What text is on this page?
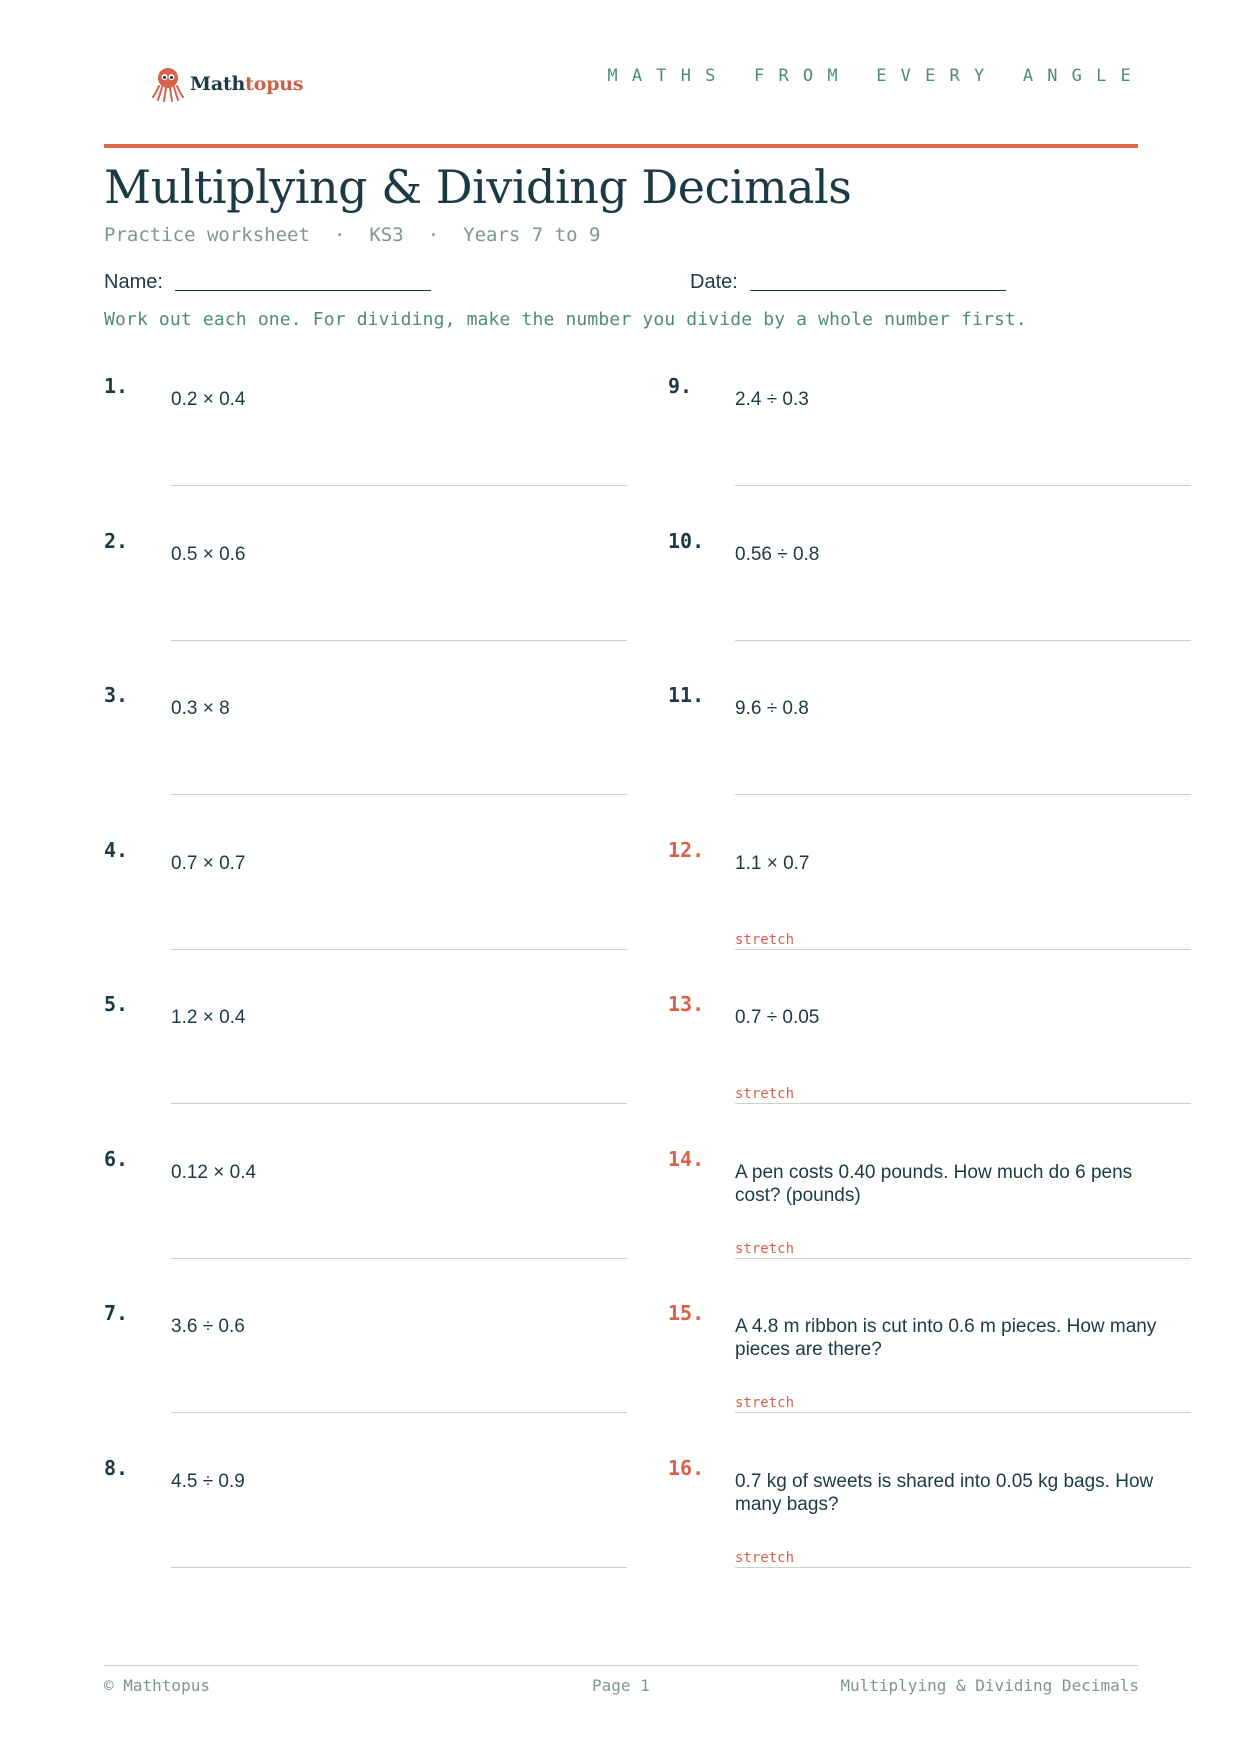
Mathtopus	MATHS FROM EVERY ANGLE
Multiplying & Dividing Decimals
Practice worksheet · KS3 · Years 7 to 9
Name:	Date:
Work out each one. For dividing, make the number you divide by a whole number first.
1.
0.2 × 0.4
2.
0.5 × 0.6
3.
0.3 × 8
4.
0.7 × 0.7
5.
1.2 × 0.4
6.
0.12 × 0.4
7.
3.6 ÷ 0.6
8.
4.5 ÷ 0.9
9.
2.4 ÷ 0.3
10.
0.56 ÷ 0.8
11.
9.6 ÷ 0.8
12.
1.1 × 0.7
stretch
13.
0.7 ÷ 0.05
stretch
14.
A pen costs 0.40 pounds. How much do 6 pens cost? (pounds)
stretch
15.
A 4.8 m ribbon is cut into 0.6 m pieces. How many pieces are there?
stretch
16.
0.7 kg of sweets is shared into 0.05 kg bags. How many bags?
stretch
© Mathtopus	Page 1	Multiplying & Dividing Decimals
